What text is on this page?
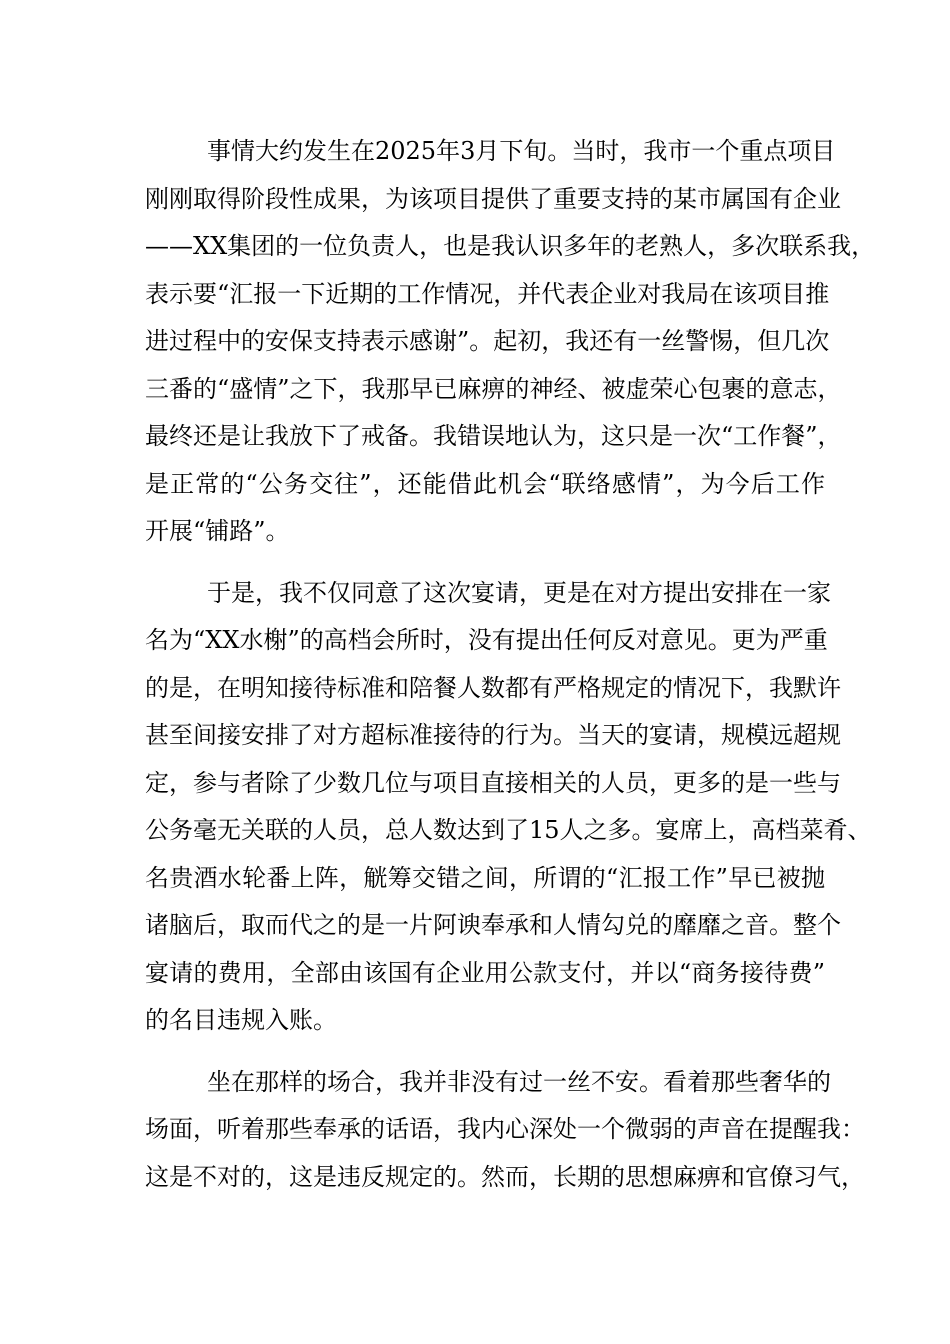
事情大约发生在2025年3月下旬。当时，我市一个重点项目
刚刚取得阶段性成果，为该项目提供了重要支持的某市属国有企业
——XX集团的一位负责人，也是我认识多年的老熟人，多次联系我，
表示要“汇报一下近期的工作情况，并代表企业对我局在该项目推
进过程中的安保支持表示感谢”。起初，我还有一丝警惕，但几次
三番的“盛情”之下，我那早已麻痹的神经、被虚荣心包裹的意志，
最终还是让我放下了戒备。我错误地认为，这只是一次“工作餐”，
是正常的“公务交往”，还能借此机会“联络感情”，为今后工作
开展“铺路”。
于是，我不仅同意了这次宴请，更是在对方提出安排在一家
名为“XX水榭”的高档会所时，没有提出任何反对意见。更为严重
的是，在明知接待标准和陪餐人数都有严格规定的情况下，我默许
甚至间接安排了对方超标准接待的行为。当天的宴请，规模远超规
定，参与者除了少数几位与项目直接相关的人员，更多的是一些与
公务毫无关联的人员，总人数达到了15人之多。宴席上，高档菜肴、
名贵酒水轮番上阵，觥筹交错之间，所谓的“汇报工作”早已被抛
诸脑后，取而代之的是一片阿谀奉承和人情勾兑的靡靡之音。整个
宴请的费用，全部由该国有企业用公款支付，并以“商务接待费”
的名目违规入账。
坐在那样的场合，我并非没有过一丝不安。看着那些奢华的
场面，听着那些奉承的话语，我内心深处一个微弱的声音在提醒我：
这是不对的，这是违反规定的。然而，长期的思想麻痹和官僚习气，
